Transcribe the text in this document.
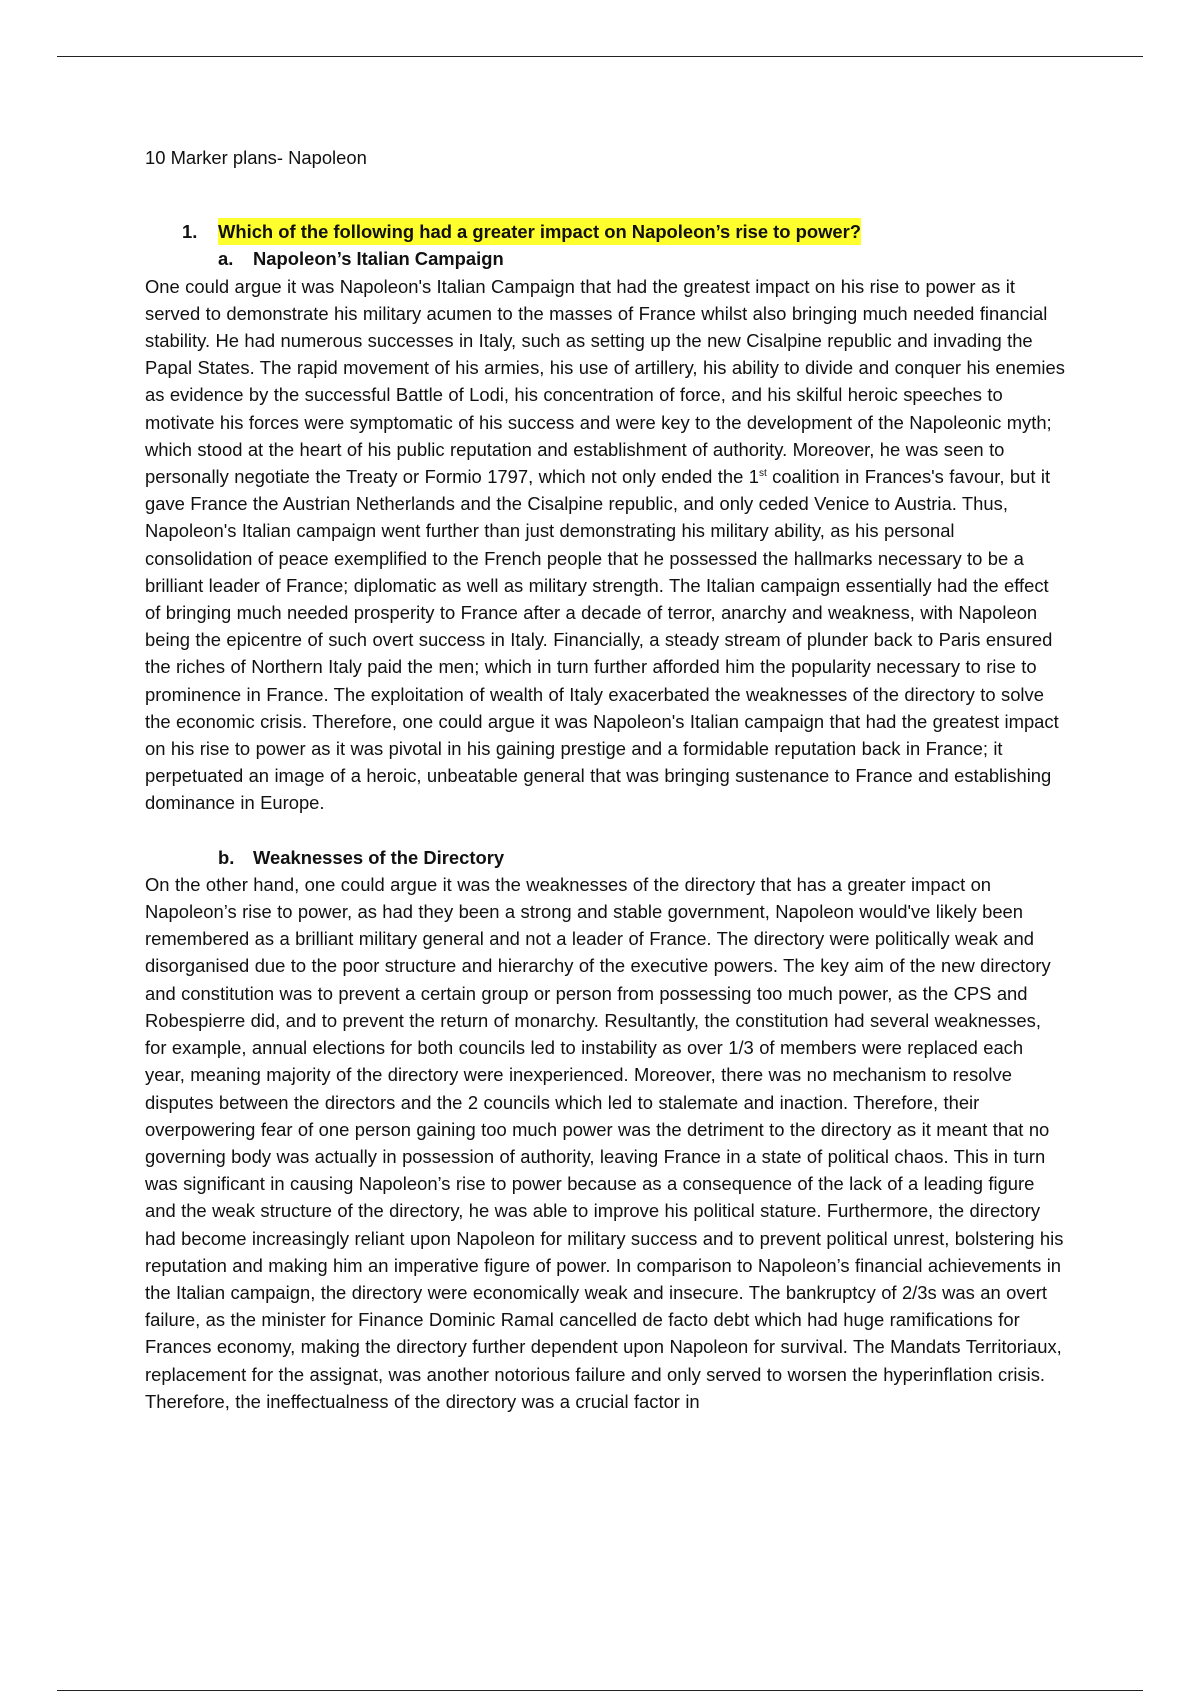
10 Marker plans- Napoleon

1.	Which of the following had a greater impact on Napoleon’s rise to power?

a.	Napoleon’s Italian Campaign

One could argue it was Napoleon's Italian Campaign that had the greatest impact on his rise to power as it served to demonstrate his military acumen to the masses of France whilst also bringing much needed financial stability. He had numerous successes in Italy, such as setting up the new Cisalpine republic and invading the Papal States. The rapid movement of his armies, his use of artillery, his ability to divide and conquer his enemies as evidence by the successful Battle of Lodi, his concentration of force, and his skilful heroic speeches to motivate his forces were symptomatic of his success and were key to the development of the Napoleonic myth; which stood at the heart of his public reputation and establishment of authority. Moreover, he was seen to personally negotiate the Treaty or Formio 1797, which not only ended the 1st coalition in Frances's favour, but it gave France the Austrian Netherlands and the Cisalpine republic, and only ceded Venice to Austria. Thus, Napoleon's Italian campaign went further than just demonstrating his military ability, as his personal consolidation of peace exemplified to the French people that he possessed the hallmarks necessary to be a brilliant leader of France; diplomatic as well as military strength. The Italian campaign essentially had the effect of bringing much needed prosperity to France after a decade of terror, anarchy and weakness, with Napoleon being the epicentre of such overt success in Italy. Financially, a steady stream of plunder back to Paris ensured the riches of Northern Italy paid the men; which in turn further afforded him the popularity necessary to rise to prominence in France. The exploitation of wealth of Italy exacerbated the weaknesses of the directory to solve the economic crisis. Therefore, one could argue it was Napoleon's Italian campaign that had the greatest impact on his rise to power as it was pivotal in his gaining prestige and a formidable reputation back in France; it perpetuated an image of a heroic, unbeatable general that was bringing sustenance to France and establishing dominance in Europe.

b.	Weaknesses of the Directory

On the other hand, one could argue it was the weaknesses of the directory that has a greater impact on Napoleon’s rise to power, as had they been a strong and stable government, Napoleon would've likely been remembered as a brilliant military general and not a leader of France. The directory were politically weak and disorganised due to the poor structure and hierarchy of the executive powers. The key aim of the new directory and constitution was to prevent a certain group or person from possessing too much power, as the CPS and Robespierre did, and to prevent the return of monarchy. Resultantly, the constitution had several weaknesses, for example, annual elections for both councils led to instability as over 1/3 of members were replaced each year, meaning majority of the directory were inexperienced. Moreover, there was no mechanism to resolve disputes between the directors and the 2 councils which led to stalemate and inaction. Therefore, their overpowering fear of one person gaining too much power was the detriment to the directory as it meant that no governing body was actually in possession of authority, leaving France in a state of political chaos. This in turn was significant in causing Napoleon’s rise to power because as a consequence of the lack of a leading figure and the weak structure of the directory, he was able to improve his political stature. Furthermore, the directory had become increasingly reliant upon Napoleon for military success and to prevent political unrest, bolstering his reputation and making him an imperative figure of power. In comparison to Napoleon’s financial achievements in the Italian campaign, the directory were economically weak and insecure. The bankruptcy of 2/3s was an overt failure, as the minister for Finance Dominic Ramal cancelled de facto debt which had huge ramifications for Frances economy, making the directory further dependent upon Napoleon for survival. The Mandats Territoriaux, replacement for the assignat, was another notorious failure and only served to worsen the hyperinflation crisis. Therefore, the ineffectualness of the directory was a crucial factor in
